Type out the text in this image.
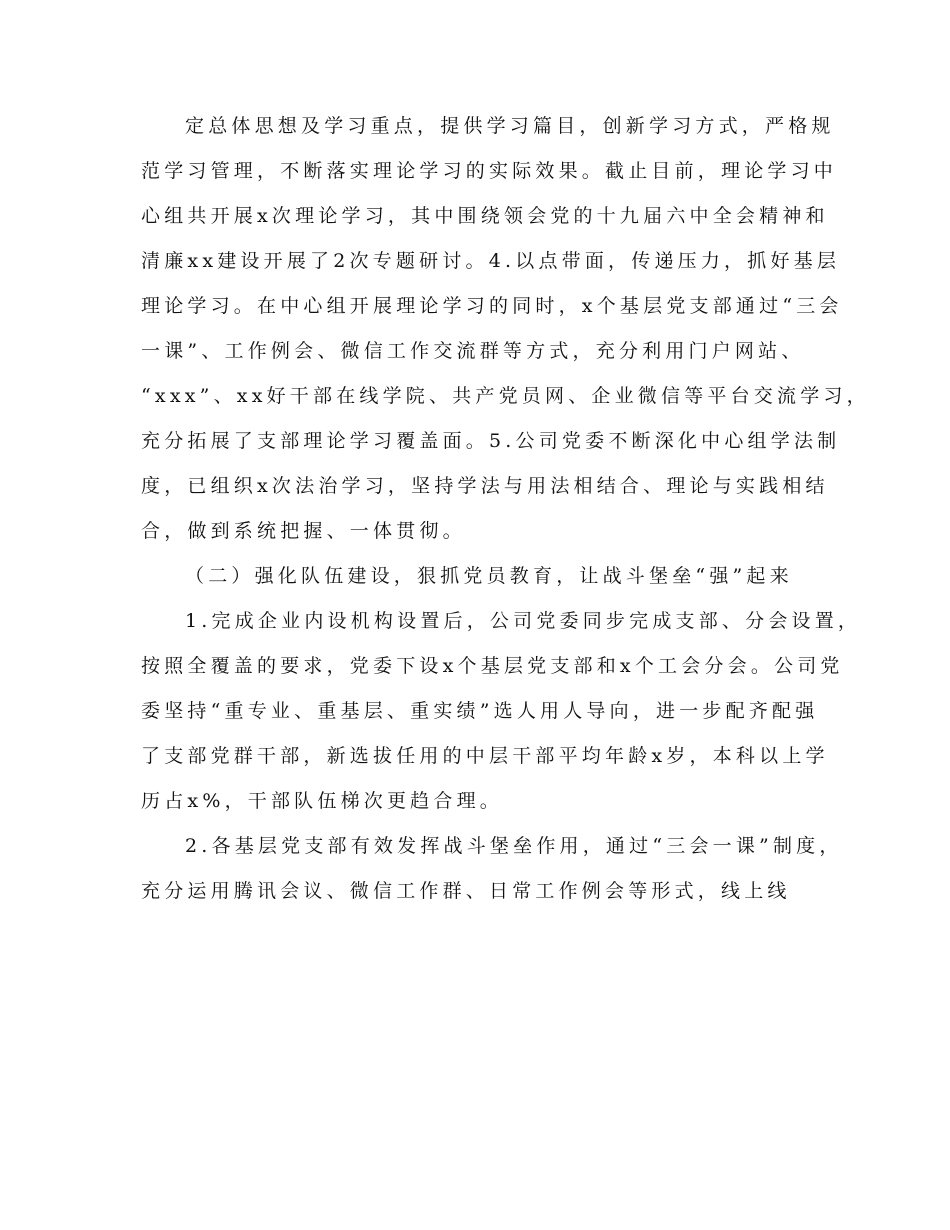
定总体思想及学习重点，提供学习篇目，创新学习方式，严格规
范学习管理，不断落实理论学习的实际效果。截止目前，理论学习中
心组共开展x次理论学习，其中围绕领会党的十九届六中全会精神和
清廉xx建设开展了2次专题研讨。4.以点带面，传递压力，抓好基层
理论学习。在中心组开展理论学习的同时，x个基层党支部通过“三会
一课”、工作例会、微信工作交流群等方式，充分利用门户网站、
“xxx”、xx好干部在线学院、共产党员网、企业微信等平台交流学习，
充分拓展了支部理论学习覆盖面。5.公司党委不断深化中心组学法制
度，已组织x次法治学习，坚持学法与用法相结合、理论与实践相结
合，做到系统把握、一体贯彻。
（二）强化队伍建设，狠抓党员教育，让战斗堡垒“强”起来
1.完成企业内设机构设置后，公司党委同步完成支部、分会设置，
按照全覆盖的要求，党委下设x个基层党支部和x个工会分会。公司党
委坚持“重专业、重基层、重实绩”选人用人导向，进一步配齐配强
了支部党群干部，新选拔任用的中层干部平均年龄x岁，本科以上学
历占x%，干部队伍梯次更趋合理。
2.各基层党支部有效发挥战斗堡垒作用，通过“三会一课”制度，
充分运用腾讯会议、微信工作群、日常工作例会等形式，线上线
